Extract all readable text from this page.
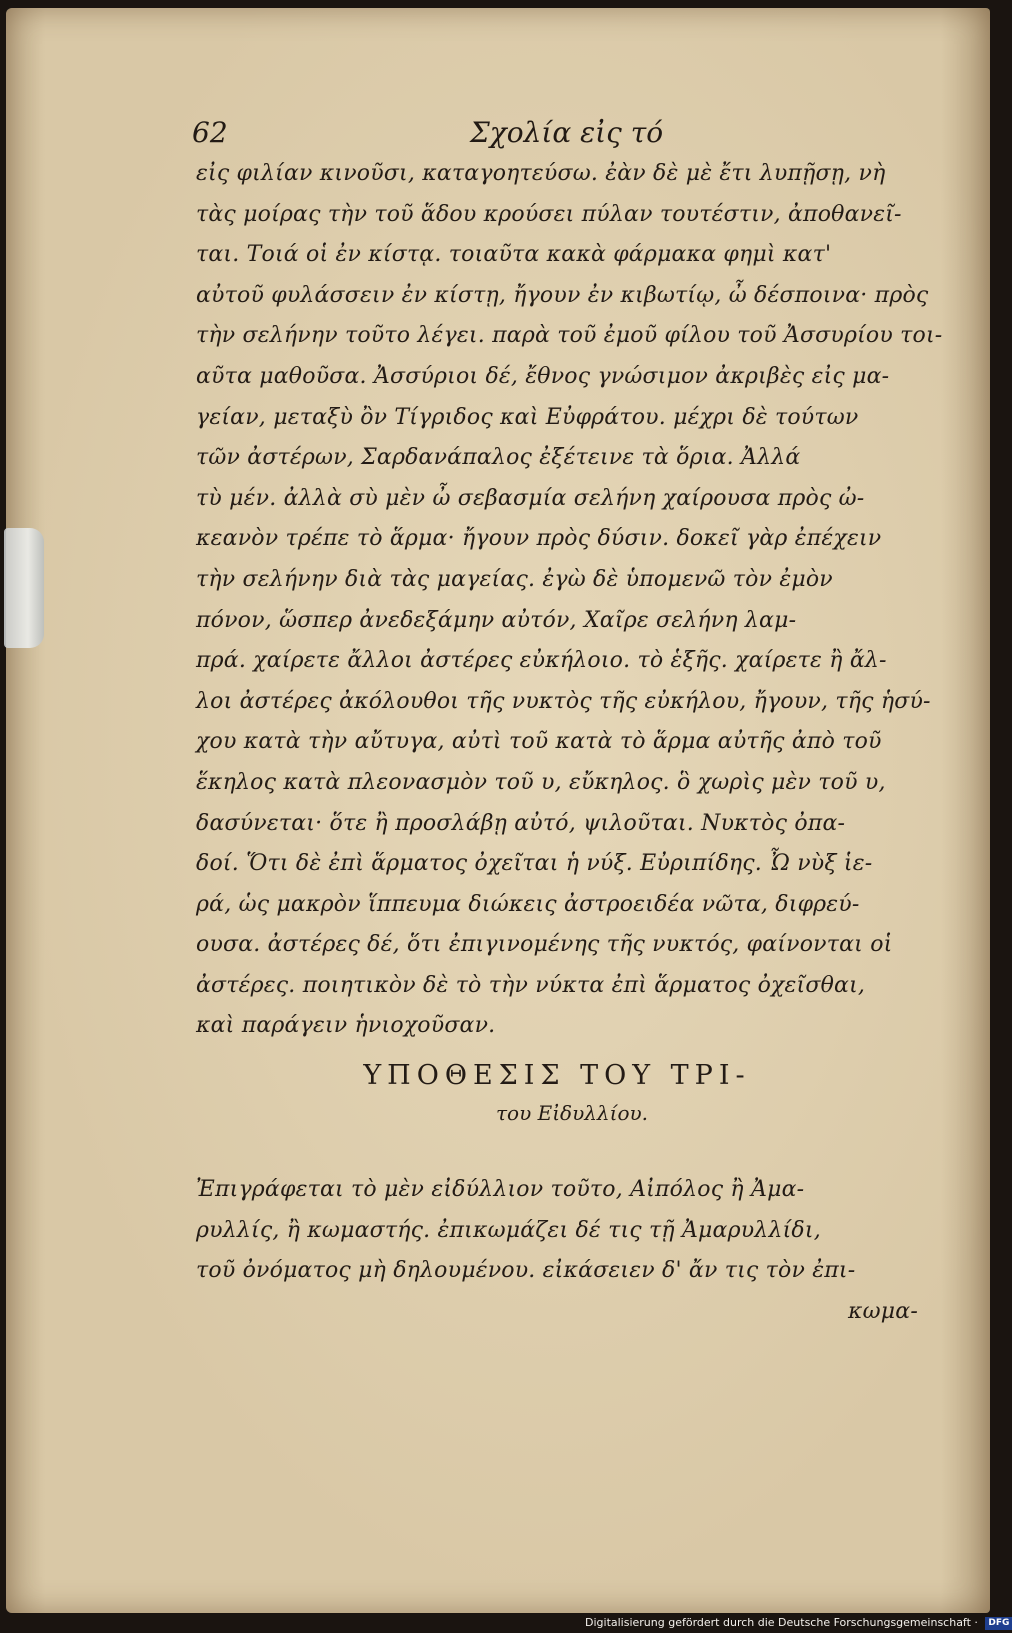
62	Σχολία εἰς τό
εἰς φιλίαν κινοῦσι, καταγοητεύσω. ἐὰν δὲ μὲ ἔτι λυπῇσῃ, νὴ
τὰς μοίρας τὴν τοῦ ἅδου κρούσει πύλαν τουτέστιν, ἀποθανεῖ-
ται. Τοιά οἱ ἐν κίστᾳ. τοιαῦτα κακὰ φάρμακα φημὶ κατ'
αὐτοῦ φυλάσσειν ἐν κίστῃ, ἤγουν ἐν κιβωτίῳ, ὦ δέσποινα· πρὸς
τὴν σελήνην τοῦτο λέγει. παρὰ τοῦ ἐμοῦ φίλου τοῦ Ἀσσυρίου τοι-
αῦτα μαθοῦσα. Ἀσσύριοι δέ, ἔθνος γνώσιμον ἀκριβὲς εἰς μα-
γείαν, μεταξὺ ὂν Τίγριδος καὶ Εὐφράτου. μέχρι δὲ τούτων
τῶν ἀστέρων, Σαρδανάπαλος ἐξέτεινε τὰ ὅρια. Ἀλλά
τὺ μέν. ἀλλὰ σὺ μὲν ὦ σεβασμία σελήνη χαίρουσα πρὸς ὠ-
κεανὸν τρέπε τὸ ἅρμα· ἤγουν πρὸς δύσιν. δοκεῖ γὰρ ἐπέχειν
τὴν σελήνην διὰ τὰς μαγείας. ἐγὼ δὲ ὑπομενῶ τὸν ἐμὸν
πόνον, ὥσπερ ἀνεδεξάμην αὐτόν, Χαῖρε σελήνη λαμ-
πρά. χαίρετε ἄλλοι ἀστέρες εὐκήλοιο. τὸ ἑξῆς. χαίρετε ἢ ἄλ-
λοι ἀστέρες ἀκόλουθοι τῆς νυκτὸς τῆς εὐκήλου, ἤγουν, τῆς ἡσύ-
χου κατὰ τὴν αὔτυγα, αὐτὶ τοῦ κατὰ τὸ ἅρμα αὐτῆς ἀπὸ τοῦ
ἕκηλος κατὰ πλεονασμὸν τοῦ υ, εὔκηλος. ὃ χωρὶς μὲν τοῦ υ,
δασύνεται· ὅτε ἢ προσλάβῃ αὐτό, ψιλοῦται. Νυκτὸς ὀπα-
δοί. Ὅτι δὲ ἐπὶ ἅρματος ὀχεῖται ἡ νύξ. Εὐριπίδης. Ὦ νὺξ ἱε-
ρά, ὡς μακρὸν ἵππευμα διώκεις ἀστροειδέα νῶτα, διφρεύ-
ουσα. ἀστέρες δέ, ὅτι ἐπιγινομένης τῆς νυκτός, φαίνονται οἱ
ἀστέρες. ποιητικὸν δὲ τὸ τὴν νύκτα ἐπὶ ἅρματος ὀχεῖσθαι,
καὶ παράγειν ἡνιοχοῦσαν.
ΥΠΟΘΕΣΙΣ ΤΟΥ ΤΡΙ-
του Εἰδυλλίου.
Ἐπιγράφεται τὸ μὲν εἰδύλλιον τοῦτο, Αἰπόλος ἢ Ἀμα-
ρυλλίς, ἢ κωμαστής. ἐπικωμάζει δέ τις τῇ Ἀμαρυλλίδι,
τοῦ ὀνόματος μὴ δηλουμένου. εἰκάσειεν δ' ἄν τις τὸν ἐπι-
κωμα-
Digitalisierung gefördert durch die Deutsche Forschungsgemeinschaft · DFG
